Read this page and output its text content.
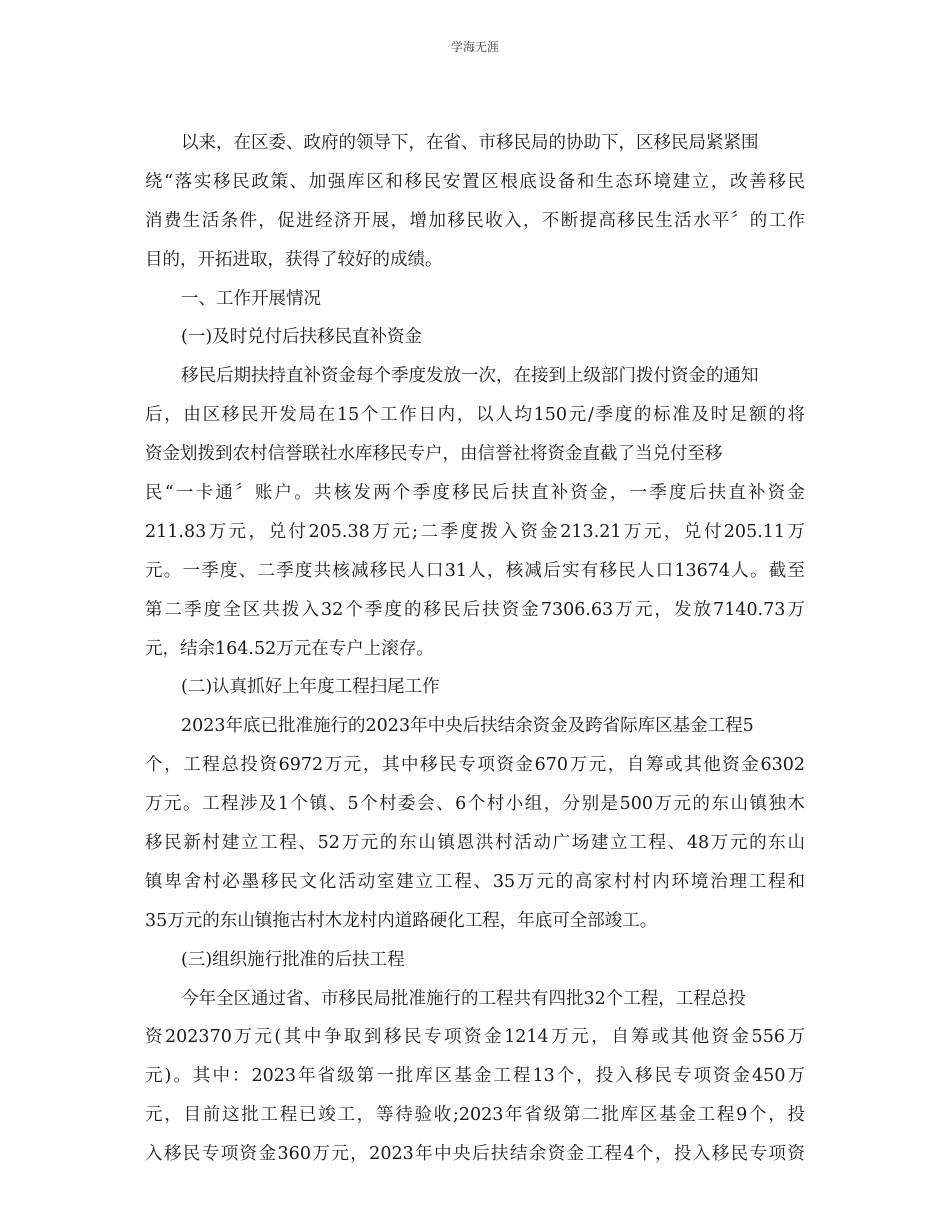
学海无涯
以来，在区委、政府的领导下，在省、市移民局的协助下，区移民局紧紧围
绕“落实移民政策、加强库区和移民安置区根底设备和生态环境建立，改善移民
消费生活条件，促进经济开展，增加移民收入，不断提高移民生活水平〞的工作
目的，开拓进取，获得了较好的成绩。
一、工作开展情况
(一)及时兑付后扶移民直补资金
移民后期扶持直补资金每个季度发放一次，在接到上级部门拨付资金的通知
后，由区移民开发局在15个工作日内，以人均150元/季度的标准及时足额的将
资金划拨到农村信誉联社水库移民专户，由信誉社将资金直截了当兑付至移
民“一卡通〞账户。共核发两个季度移民后扶直补资金，一季度后扶直补资金
211.83万元，兑付205.38万元;二季度拨入资金213.21万元，兑付205.11万
元。一季度、二季度共核减移民人口31人，核减后实有移民人口13674人。截至
第二季度全区共拨入32个季度的移民后扶资金7306.63万元，发放7140.73万
元，结余164.52万元在专户上滚存。
(二)认真抓好上年度工程扫尾工作
2023年底已批准施行的2023年中央后扶结余资金及跨省际库区基金工程5
个，工程总投资6972万元，其中移民专项资金670万元，自筹或其他资金6302
万元。工程涉及1个镇、5个村委会、6个村小组，分别是500万元的东山镇独木
移民新村建立工程、52万元的东山镇恩洪村活动广场建立工程、48万元的东山
镇卑舍村必墨移民文化活动室建立工程、35万元的高家村村内环境治理工程和
35万元的东山镇拖古村木龙村内道路硬化工程，年底可全部竣工。
(三)组织施行批准的后扶工程
今年全区通过省、市移民局批准施行的工程共有四批32个工程，工程总投
资202370万元(其中争取到移民专项资金1214万元，自筹或其他资金556万
元)。其中：2023年省级第一批库区基金工程13个，投入移民专项资金450万
元，目前这批工程已竣工，等待验收;2023年省级第二批库区基金工程9个，投
入移民专项资金360万元，2023年中央后扶结余资金工程4个，投入移民专项资
